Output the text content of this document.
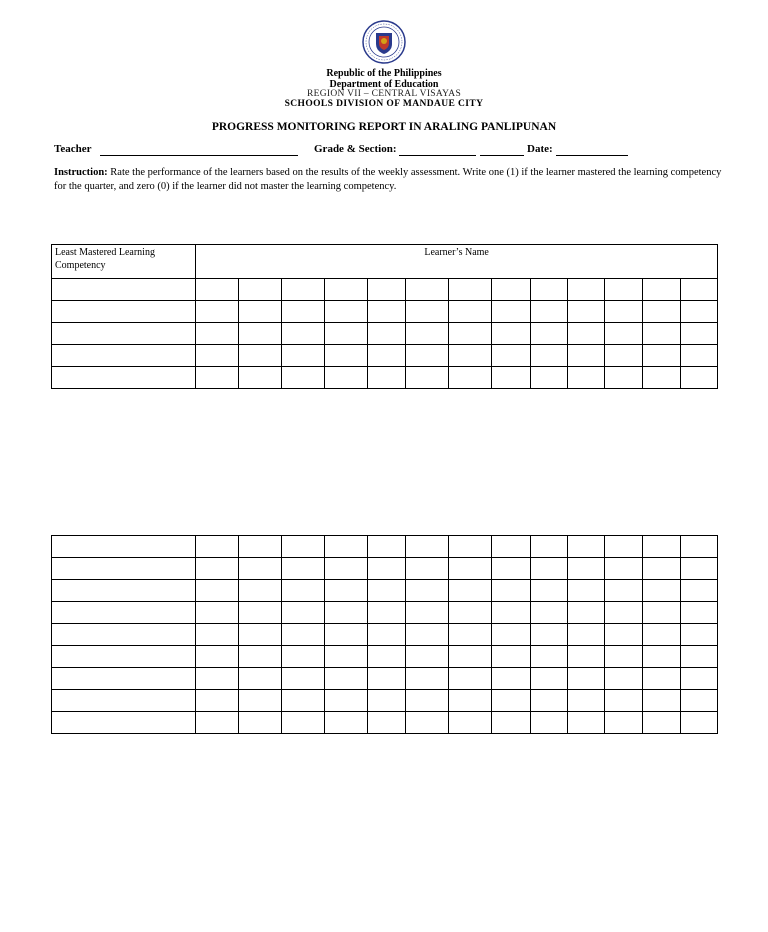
Republic of the Philippines
Department of Education
REGION VII – CENTRAL VISAYAS
SCHOOLS DIVISION OF MANDAUE CITY
PROGRESS MONITORING REPORT IN ARALING PANLIPUNAN
Teacher	Grade & Section:	Date:
Instruction: Rate the performance of the learners based on the results of the weekly assessment. Write one (1) if the learner mastered the learning competency for the quarter, and zero (0) if the learner did not master the learning competency.
Least Mastered Learning Competency	Learner’s Name												
